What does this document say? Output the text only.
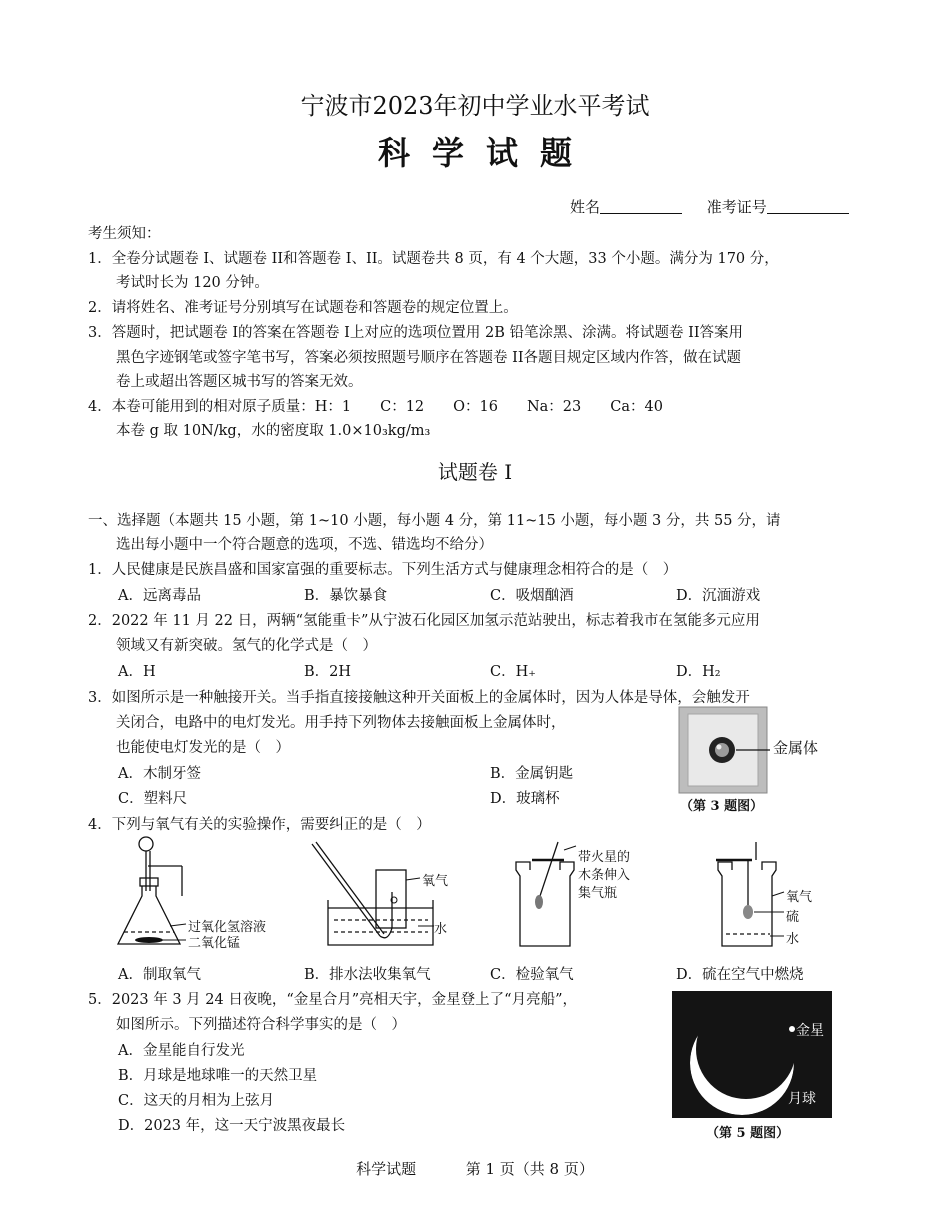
宁波市2023年初中学业水平考试
科学试题
姓名	准考证号
考生须知：
1．全卷分试题卷 I、试题卷 II和答题卷 I、II。试题卷共 8 页，有 4 个大题，33 个小题。满分为 170 分，
考试时长为 120 分钟。
2．请将姓名、准考证号分别填写在试题卷和答题卷的规定位置上。
3．答题时，把试题卷 I的答案在答题卷 I上对应的选项位置用 2B 铅笔涂黑、涂满。将试题卷 II答案用
黑色字迹钢笔或签字笔书写，答案必须按照题号顺序在答题卷 II各题目规定区域内作答，做在试题
卷上或超出答题区城书写的答案无效。
4．本卷可能用到的相对原子质量：H：1　　C：12　　O：16　　Na：23　　Ca：40
本卷 g 取 10N/kg，水的密度取 1.0×10₃kg/m₃
试题卷 I
一、选择题（本题共 15 小题，第 1~10 小题，每小题 4 分，第 11~15 小题，每小题 3 分，共 55 分，请
选出每小题中一个符合题意的选项，不选、错选均不给分）
1．人民健康是民族昌盛和国家富强的重要标志。下列生活方式与健康理念相符合的是（　）
A．远离毒品	B．暴饮暴食	C．吸烟酗酒	D．沉湎游戏
2．2022 年 11 月 22 日，两辆“氢能重卡”从宁波石化园区加氢示范站驶出，标志着我市在氢能多元应用
领域又有新突破。氢气的化学式是（　）
A．H	B．2H	C．H₊	D．H₂
3．如图所示是一种触接开关。当手指直接接触这种开关面板上的金属体时，因为人体是导体，会触发开
关闭合，电路中的电灯发光。用手持下列物体去接触面板上金属体时，
也能使电灯发光的是（　）
A．木制牙签	B．金属钥匙
C．塑料尺	D．玻璃杯
金属体
（第 3 题图）
4．下列与氧气有关的实验操作，需要纠正的是（　）
过氧化氢溶液
二氧化锰
氧气
水
带火星的
木条伸入
集气瓶	氧气
硫
水
A．制取氧气	B．排水法收集氧气	C．检验氧气	D．硫在空气中燃烧
5．2023 年 3 月 24 日夜晚，“金星合月”亮相天宇，金星登上了“月亮船”，
如图所示。下列描述符合科学事实的是（　）
A．金星能自行发光
B．月球是地球唯一的天然卫星
C．这天的月相为上弦月
D．2023 年，这一天宁波黑夜最长
金星
月球
（第 5 题图）
科学试题	第 1 页（共 8 页）
